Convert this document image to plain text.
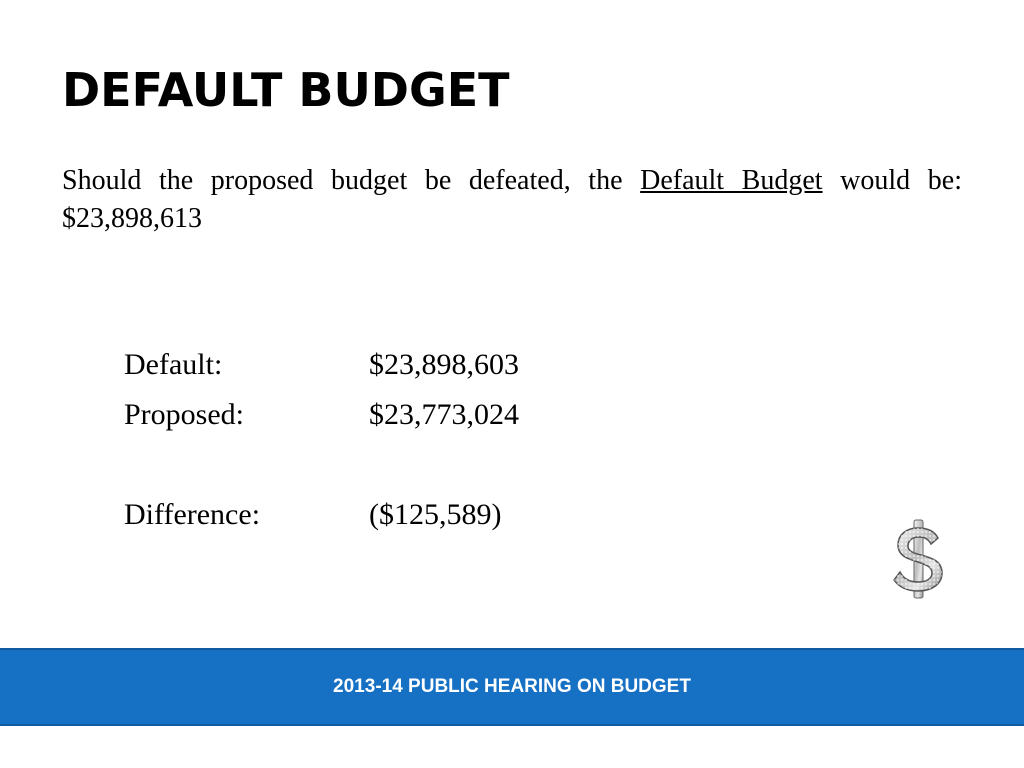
DEFAULT BUDGET

Should the proposed budget be defeated, the Default Budget would be: $23,898,613

Default:	$23,898,603
Proposed:	$23,773,024
Difference:	($125,589)
2013-14 PUBLIC HEARING ON BUDGET
